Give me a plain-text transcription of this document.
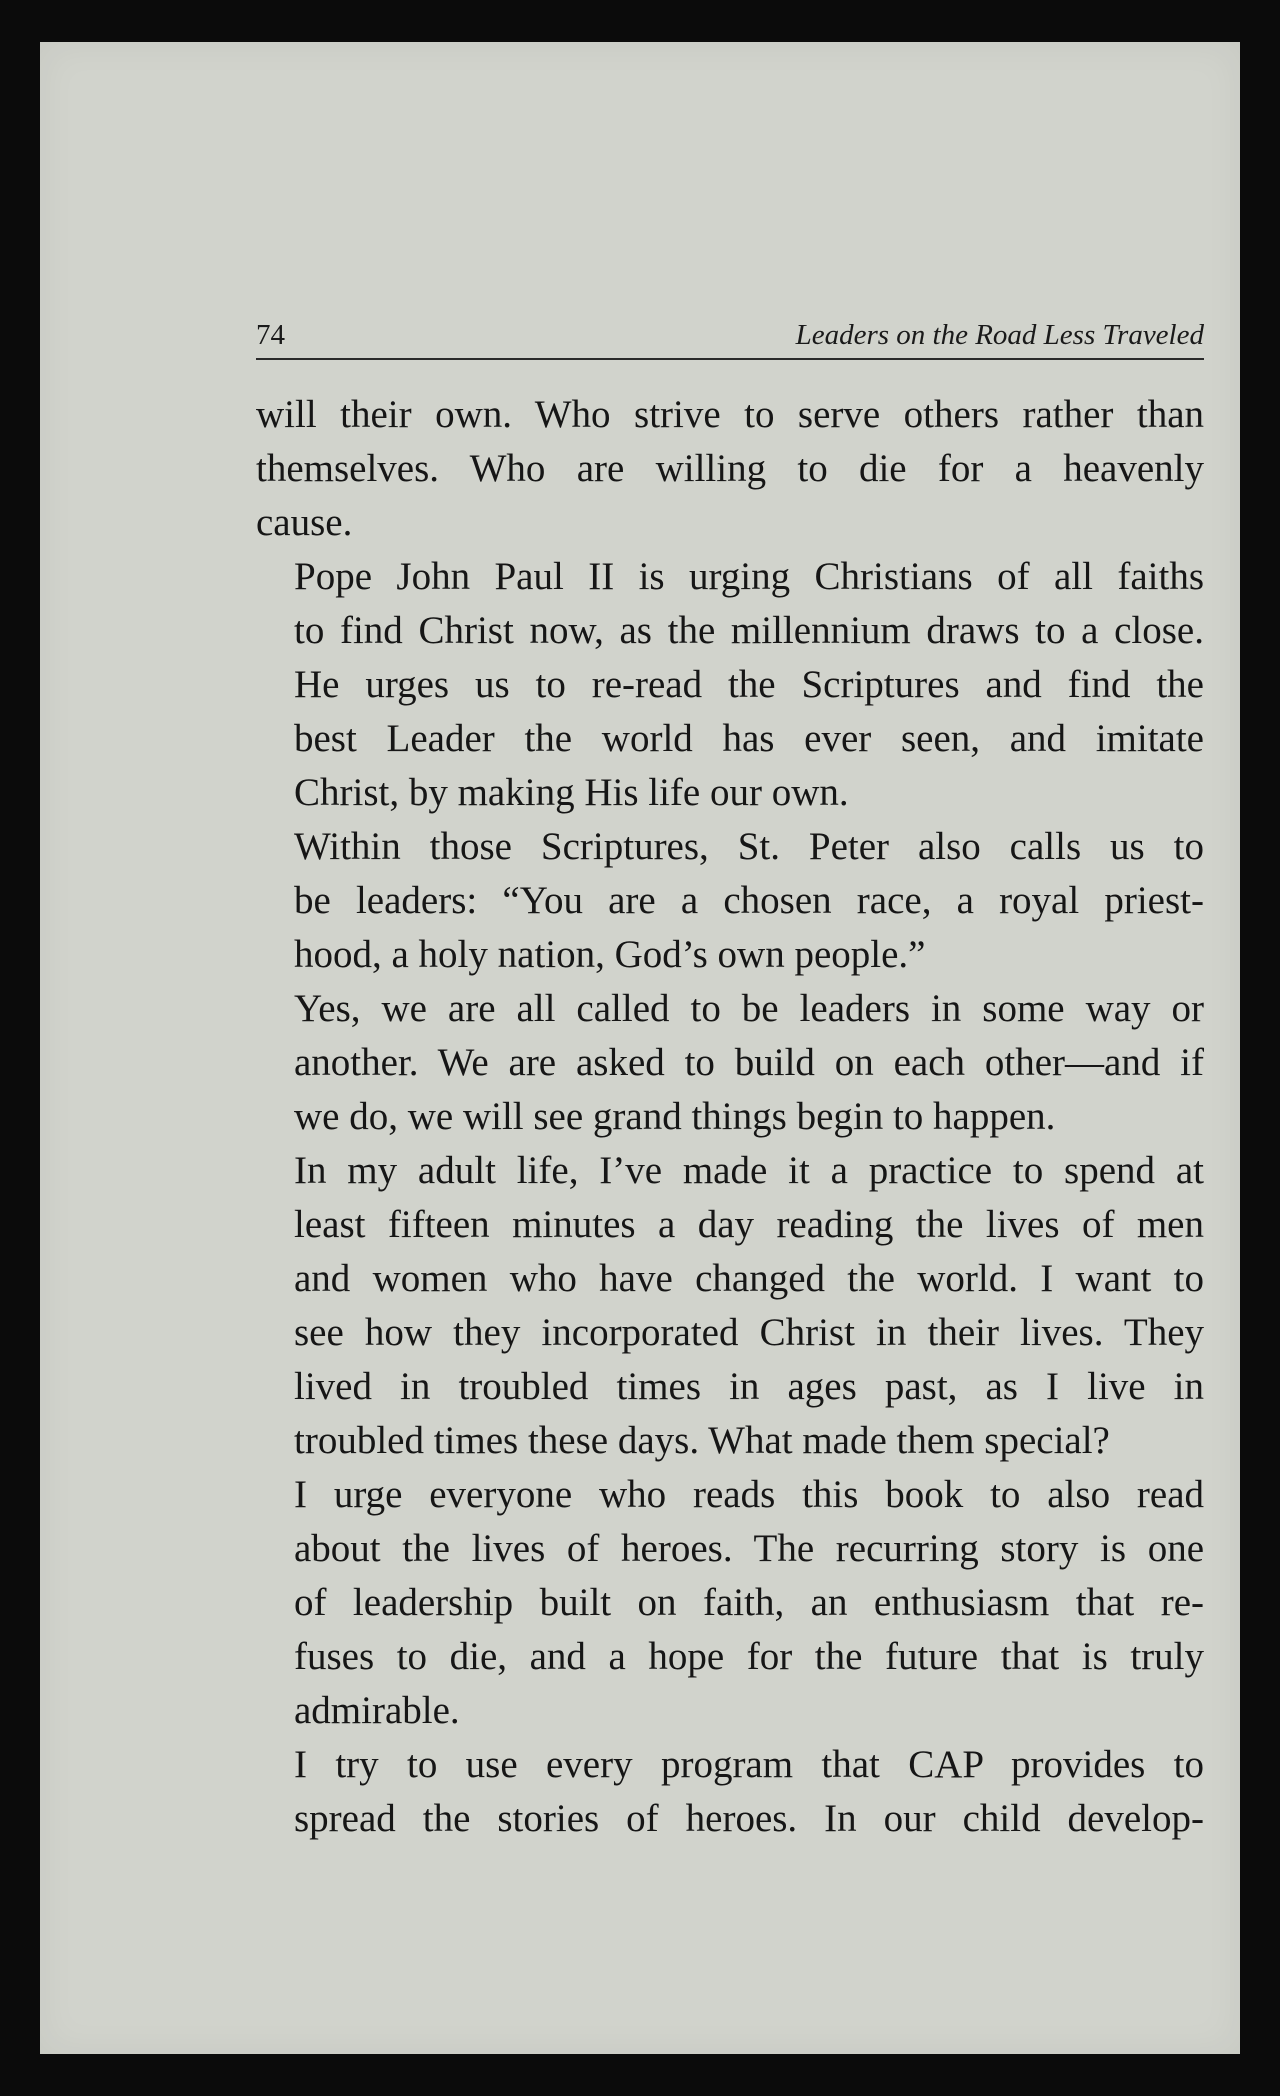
74	Leaders on the Road Less Traveled

will their own. Who strive to serve others rather than
themselves. Who are willing to die for a heavenly
cause.

Pope John Paul II is urging Christians of all faiths
to find Christ now, as the millennium draws to a close.
He urges us to re-read the Scriptures and find the
best Leader the world has ever seen, and imitate
Christ, by making His life our own.

Within those Scriptures, St. Peter also calls us to
be leaders: “You are a chosen race, a royal priest-
hood, a holy nation, God’s own people.”

Yes, we are all called to be leaders in some way or
another. We are asked to build on each other—and if
we do, we will see grand things begin to happen.

In my adult life, I’ve made it a practice to spend at
least fifteen minutes a day reading the lives of men
and women who have changed the world. I want to
see how they incorporated Christ in their lives. They
lived in troubled times in ages past, as I live in
troubled times these days. What made them special?

I urge everyone who reads this book to also read
about the lives of heroes. The recurring story is one
of leadership built on faith, an enthusiasm that re-
fuses to die, and a hope for the future that is truly
admirable.

I try to use every program that CAP provides to
spread the stories of heroes. In our child develop-
